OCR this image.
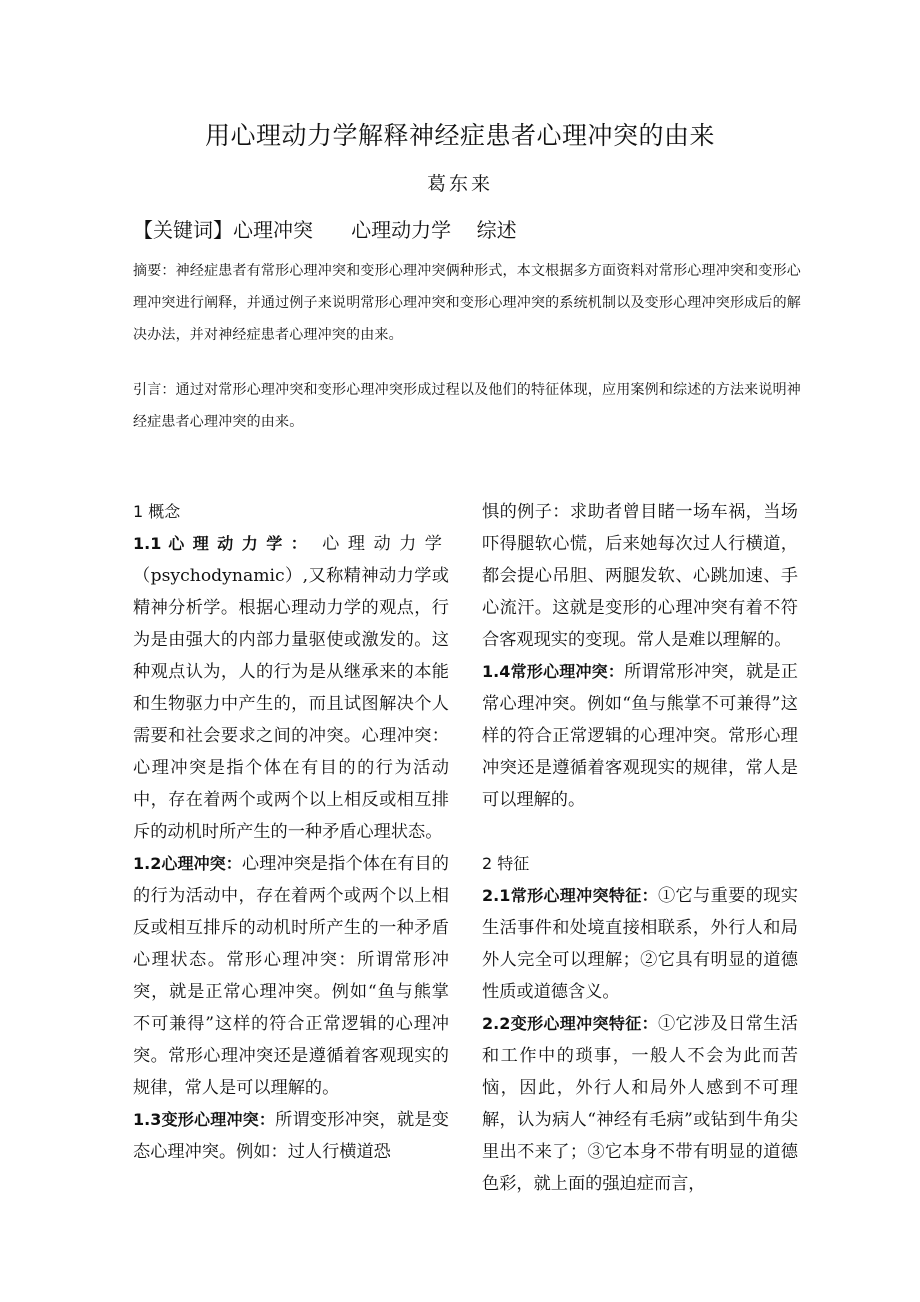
用心理动力学解释神经症患者心理冲突的由来
葛东来
【关键词】心理冲突      心理动力学    综述
摘要：神经症患者有常形心理冲突和变形心理冲突俩种形式，本文根据多方面资料对常形心理冲突和变形心理冲突进行阐释，并通过例子来说明常形心理冲突和变形心理冲突的系统机制以及变形心理冲突形成后的解决办法，并对神经症患者心理冲突的由来。
引言：通过对常形心理冲突和变形心理冲突形成过程以及他们的特征体现，应用案例和综述的方法来说明神经症患者心理冲突的由来。

1 概念

1.1 心理动力学： 心理动力学（psychodynamic）,又称精神动力学或精神分析学。根据心理动力学的观点，行为是由强大的内部力量驱使或激发的。这种观点认为，人的行为是从继承来的本能和生物驱力中产生的，而且试图解决个人需要和社会要求之间的冲突。心理冲突：心理冲突是指个体在有目的的行为活动中，存在着两个或两个以上相反或相互排斥的动机时所产生的一种矛盾心理状态。

1.2心理冲突：心理冲突是指个体在有目的的行为活动中，存在着两个或两个以上相反或相互排斥的动机时所产生的一种矛盾心理状态。常形心理冲突：所谓常形冲突，就是正常心理冲突。例如“鱼与熊掌不可兼得”这样的符合正常逻辑的心理冲突。常形心理冲突还是遵循着客观现实的规律，常人是可以理解的。

1.3变形心理冲突：所谓变形冲突，就是变态心理冲突。例如：过人行横道恐

惧的例子：求助者曾目睹一场车祸，当场吓得腿软心慌，后来她每次过人行横道，都会提心吊胆、两腿发软、心跳加速、手心流汗。这就是变形的心理冲突有着不符合客观现实的变现。常人是难以理解的。

1.4常形心理冲突：所谓常形冲突，就是正常心理冲突。例如“鱼与熊掌不可兼得”这样的符合正常逻辑的心理冲突。常形心理冲突还是遵循着客观现实的规律，常人是可以理解的。

2 特征

2.1常形心理冲突特征：①它与重要的现实生活事件和处境直接相联系，外行人和局外人完全可以理解；②它具有明显的道德性质或道德含义。

2.2变形心理冲突特征：①它涉及日常生活和工作中的琐事，一般人不会为此而苦恼，因此，外行人和局外人感到不可理解，认为病人“神经有毛病”或钻到牛角尖里出不来了；③它本身不带有明显的道德色彩，就上面的强迫症而言，
